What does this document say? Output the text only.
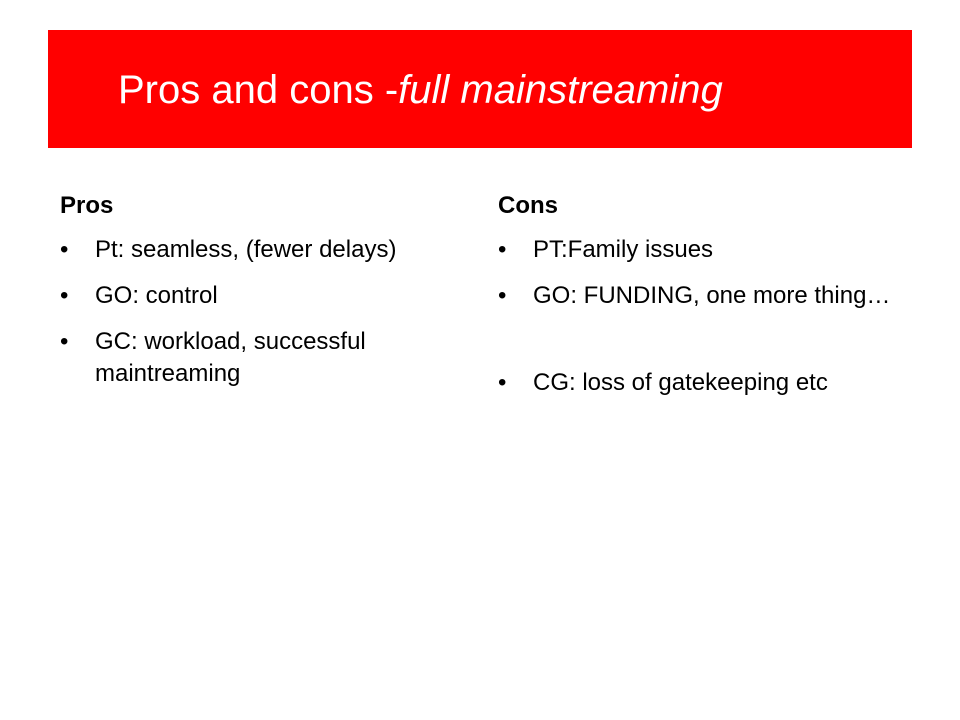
Pros and cons -full mainstreaming
Pros
• Pt: seamless, (fewer delays)
• GO: control
• GC: workload, successful maintreaming
Cons
• PT:Family issues
• GO: FUNDING, one more thing…
• CG: loss of gatekeeping etc
